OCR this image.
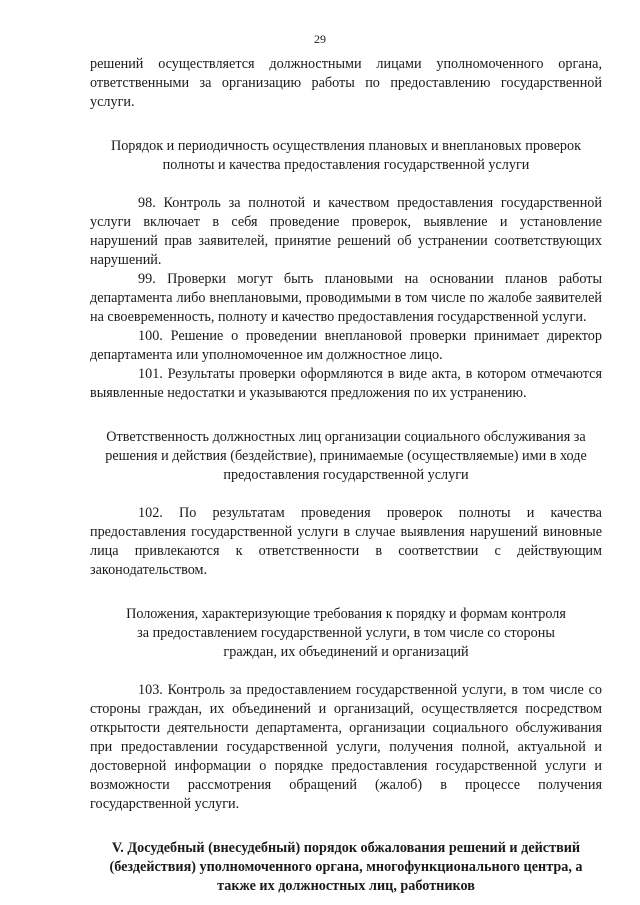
29

решений осуществляется должностными лицами уполномоченного органа, ответственными за организацию работы по предоставлению государственной услуги.

Порядок и периодичность осуществления плановых и внеплановых проверок полноты и качества предоставления государственной услуги

98. Контроль за полнотой и качеством предоставления государственной услуги включает в себя проведение проверок, выявление и установление нарушений прав заявителей, принятие решений об устранении соответствующих нарушений.

99. Проверки могут быть плановыми на основании планов работы департамента либо внеплановыми, проводимыми в том числе по жалобе заявителей на своевременность, полноту и качество предоставления государственной услуги.

100. Решение о проведении внеплановой проверки принимает директор департамента или уполномоченное им должностное лицо.

101. Результаты проверки оформляются в виде акта, в котором отмечаются выявленные недостатки и указываются предложения по их устранению.

Ответственность должностных лиц организации социального обслуживания за решения и действия (бездействие), принимаемые (осуществляемые) ими в ходе предоставления государственной услуги

102. По результатам проведения проверок полноты и качества предоставления государственной услуги в случае выявления нарушений виновные лица привлекаются к ответственности в соответствии с действующим законодательством.

Положения, характеризующие требования к порядку и формам контроля за предоставлением государственной услуги, в том числе со стороны граждан, их объединений и организаций

103. Контроль за предоставлением государственной услуги, в том числе со стороны граждан, их объединений и организаций, осуществляется посредством открытости деятельности департамента, организации социального обслуживания при предоставлении государственной услуги, получения полной, актуальной и достоверной информации о порядке предоставления государственной услуги и возможности рассмотрения обращений (жалоб) в процессе получения государственной услуги.

V. Досудебный (внесудебный) порядок обжалования решений и действий (бездействия) уполномоченного органа, многофункционального центра, а также их должностных лиц, работников
